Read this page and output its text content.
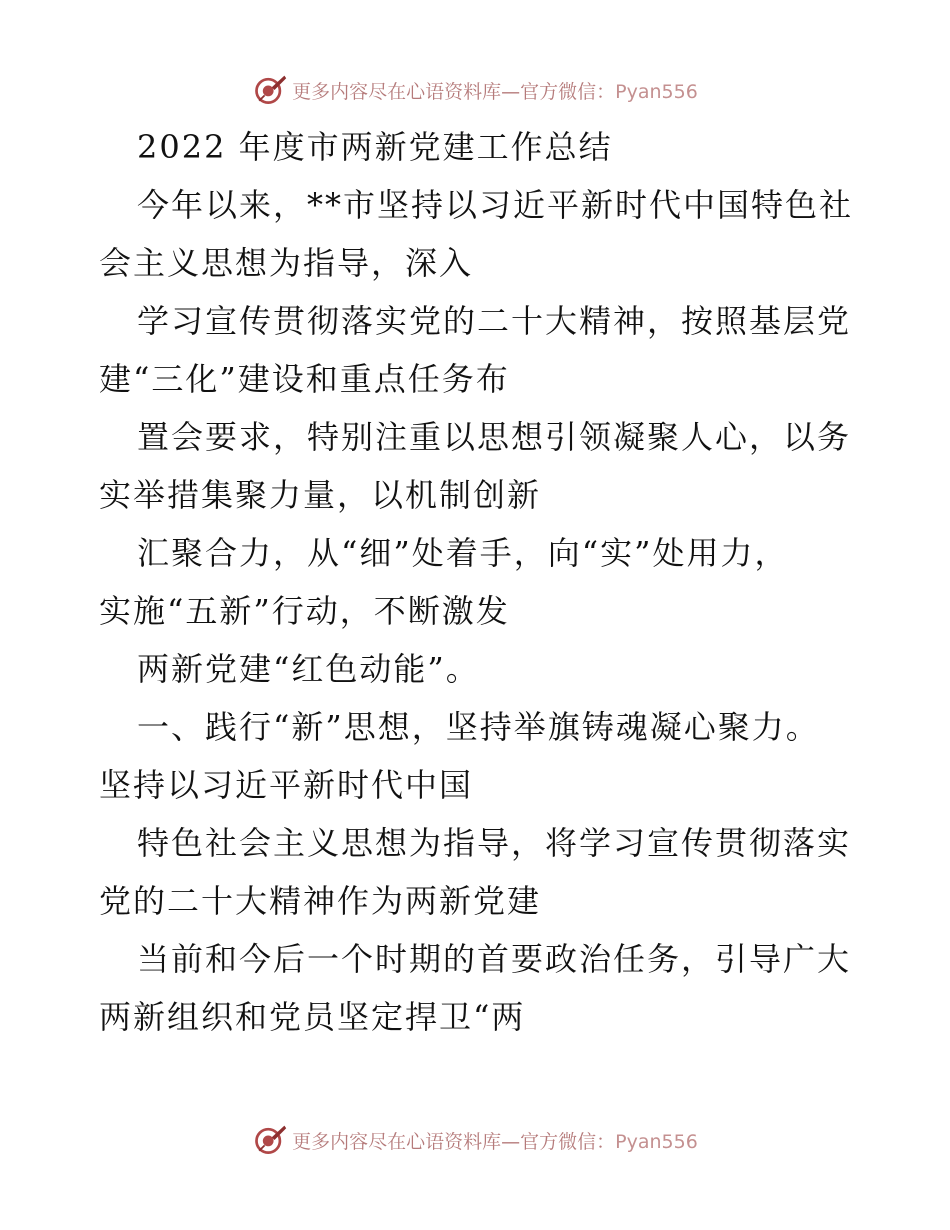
更多内容尽在心语资料库—官方微信：Pyan556
2022 年度市两新党建工作总结
今年以来，**市坚持以习近平新时代中国特色社
会主义思想为指导，深入
学习宣传贯彻落实党的二十大精神，按照基层党
建“三化”建设和重点任务布
置会要求，特别注重以思想引领凝聚人心，以务
实举措集聚力量，以机制创新
汇聚合力，从“细”处着手，向“实”处用力，
实施“五新”行动，不断激发
两新党建“红色动能”。
一、践行“新”思想，坚持举旗铸魂凝心聚力。
坚持以习近平新时代中国
特色社会主义思想为指导，将学习宣传贯彻落实
党的二十大精神作为两新党建
当前和今后一个时期的首要政治任务，引导广大
两新组织和党员坚定捍卫“两
更多内容尽在心语资料库—官方微信：Pyan556
